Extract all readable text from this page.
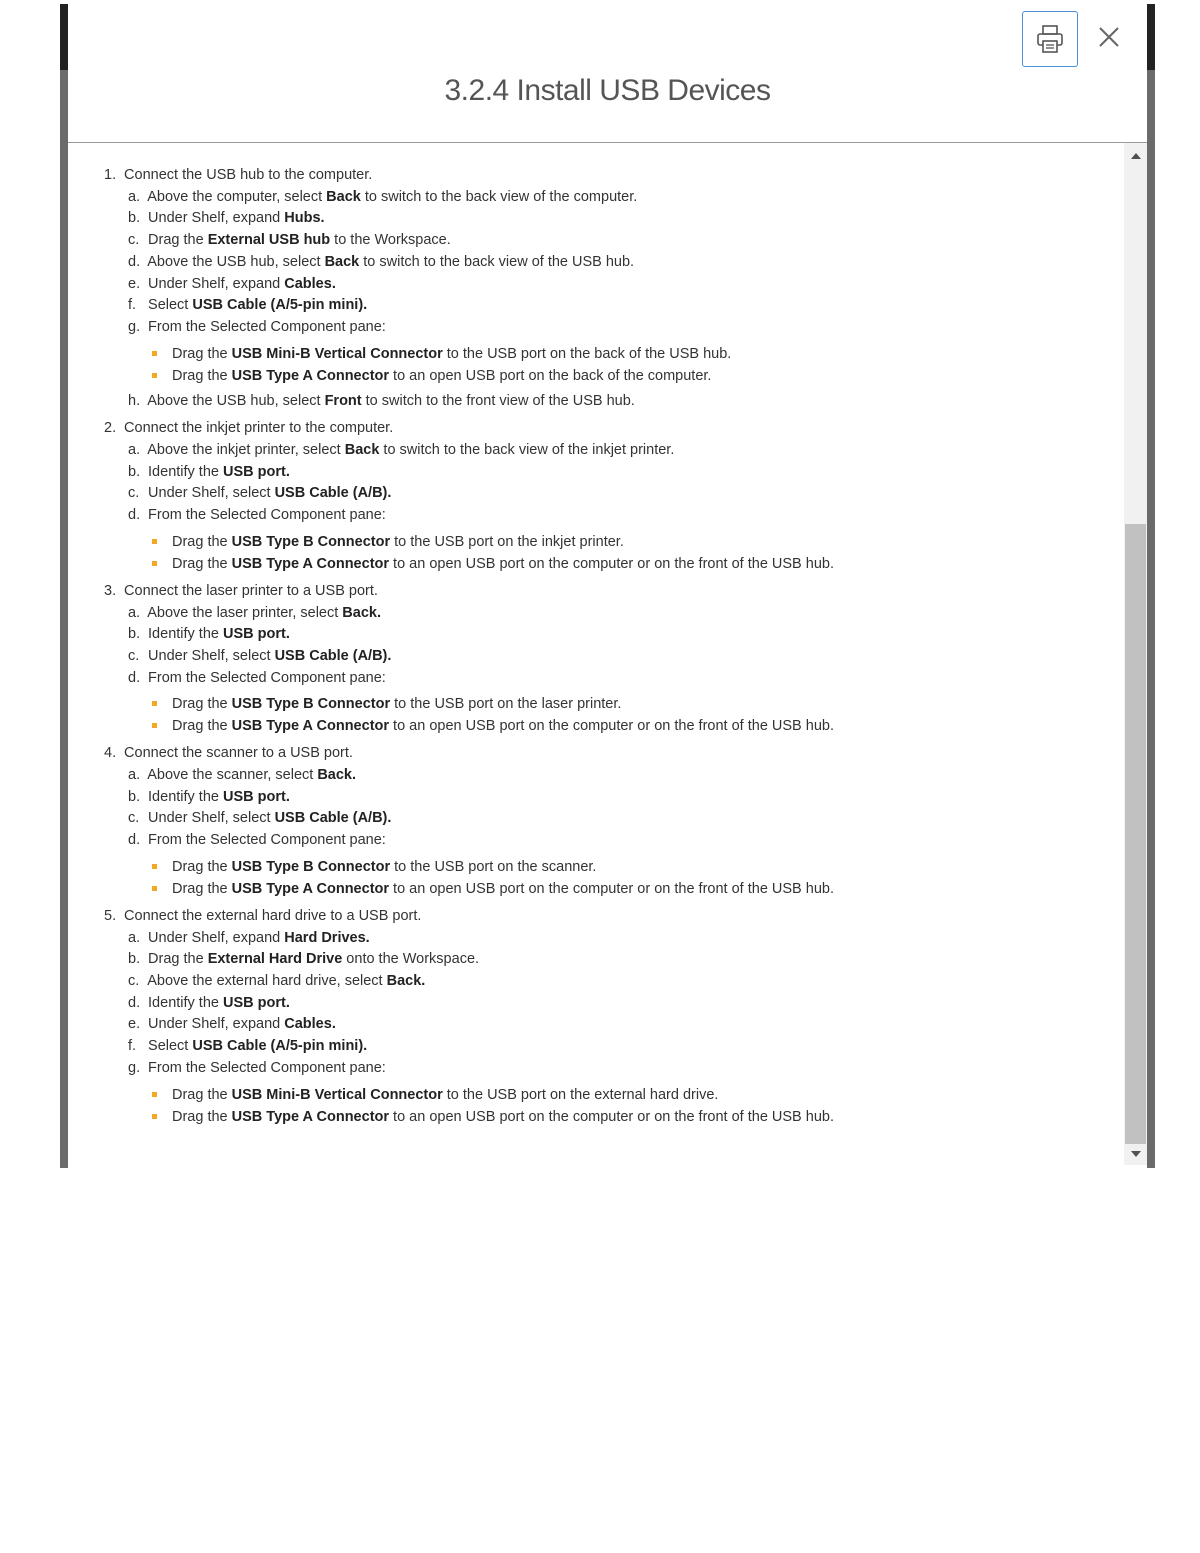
3.2.4 Install USB Devices
1. Connect the USB hub to the computer.
a. Above the computer, select Back to switch to the back view of the computer.
b. Under Shelf, expand Hubs.
c. Drag the External USB hub to the Workspace.
d. Above the USB hub, select Back to switch to the back view of the USB hub.
e. Under Shelf, expand Cables.
f. Select USB Cable (A/5-pin mini).
g. From the Selected Component pane:
Drag the USB Mini-B Vertical Connector to the USB port on the back of the USB hub.
Drag the USB Type A Connector to an open USB port on the back of the computer.
h. Above the USB hub, select Front to switch to the front view of the USB hub.
2. Connect the inkjet printer to the computer.
a. Above the inkjet printer, select Back to switch to the back view of the inkjet printer.
b. Identify the USB port.
c. Under Shelf, select USB Cable (A/B).
d. From the Selected Component pane:
Drag the USB Type B Connector to the USB port on the inkjet printer.
Drag the USB Type A Connector to an open USB port on the computer or on the front of the USB hub.
3. Connect the laser printer to a USB port.
a. Above the laser printer, select Back.
b. Identify the USB port.
c. Under Shelf, select USB Cable (A/B).
d. From the Selected Component pane:
Drag the USB Type B Connector to the USB port on the laser printer.
Drag the USB Type A Connector to an open USB port on the computer or on the front of the USB hub.
4. Connect the scanner to a USB port.
a. Above the scanner, select Back.
b. Identify the USB port.
c. Under Shelf, select USB Cable (A/B).
d. From the Selected Component pane:
Drag the USB Type B Connector to the USB port on the scanner.
Drag the USB Type A Connector to an open USB port on the computer or on the front of the USB hub.
5. Connect the external hard drive to a USB port.
a. Under Shelf, expand Hard Drives.
b. Drag the External Hard Drive onto the Workspace.
c. Above the external hard drive, select Back.
d. Identify the USB port.
e. Under Shelf, expand Cables.
f. Select USB Cable (A/5-pin mini).
g. From the Selected Component pane:
Drag the USB Mini-B Vertical Connector to the USB port on the external hard drive.
Drag the USB Type A Connector to an open USB port on the computer or on the front of the USB hub.
